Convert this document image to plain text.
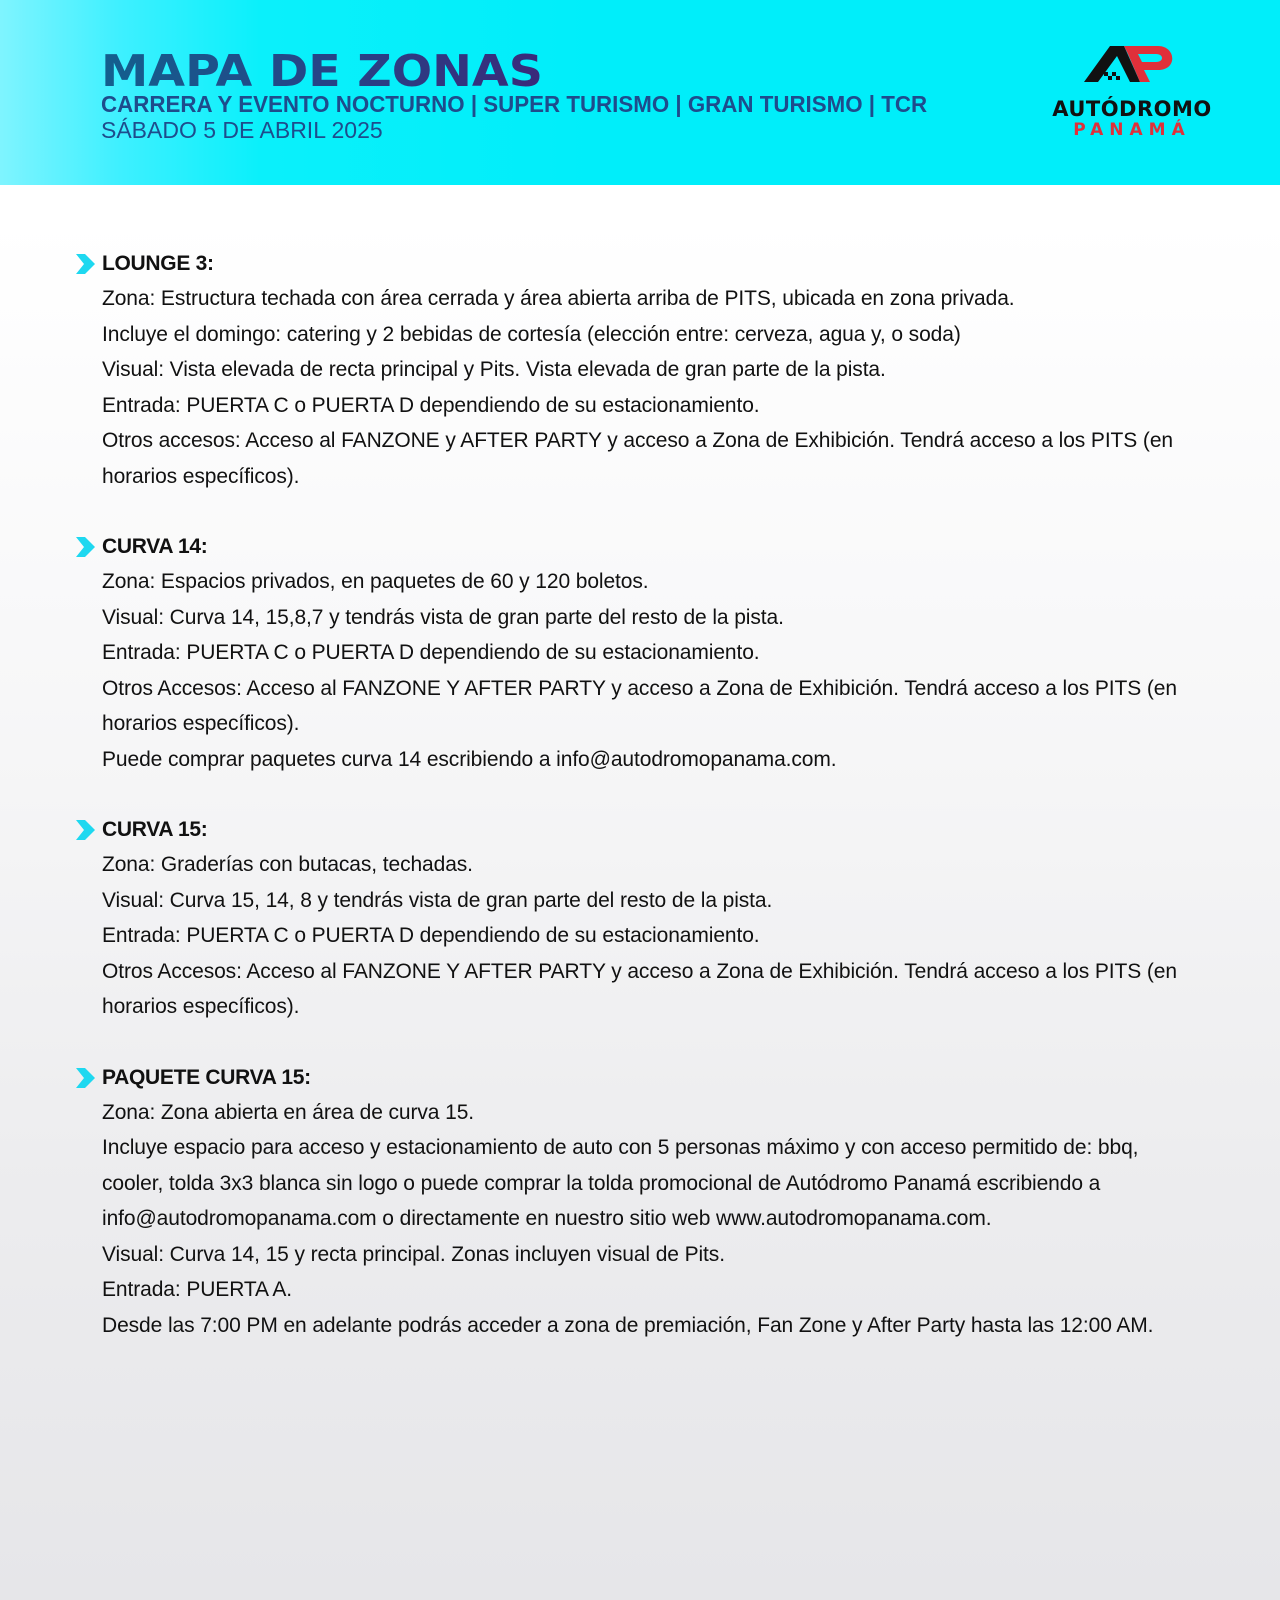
MAPA DE ZONAS
CARRERA Y EVENTO NOCTURNO | SUPER TURISMO | GRAN TURISMO | TCR
SÁBADO 5 DE ABRIL 2025
AUTÓDROMO
PANAMÁ
LOUNGE 3:
Zona: Estructura techada con área cerrada y área abierta arriba de PITS, ubicada en zona privada.
Incluye el domingo: catering y 2 bebidas de cortesía (elección entre: cerveza, agua y, o soda)
Visual: Vista elevada de recta principal y Pits. Vista elevada de gran parte de la pista.
Entrada: PUERTA C o PUERTA D dependiendo de su estacionamiento.
Otros accesos: Acceso al FANZONE y AFTER PARTY y acceso a Zona de Exhibición. Tendrá acceso a los PITS (en horarios específicos).
CURVA 14:
Zona: Espacios privados, en paquetes de 60 y 120 boletos.
Visual: Curva 14, 15,8,7 y tendrás vista de gran parte del resto de la pista.
Entrada: PUERTA C o PUERTA D dependiendo de su estacionamiento.
Otros Accesos: Acceso al FANZONE Y AFTER PARTY y acceso a Zona de Exhibición. Tendrá acceso a los PITS (en horarios específicos).
Puede comprar paquetes curva 14 escribiendo a info@autodromopanama.com.
CURVA 15:
Zona: Graderías con butacas, techadas.
Visual: Curva 15, 14, 8 y tendrás vista de gran parte del resto de la pista.
Entrada: PUERTA C o PUERTA D dependiendo de su estacionamiento.
Otros Accesos: Acceso al FANZONE Y AFTER PARTY y acceso a Zona de Exhibición. Tendrá acceso a los PITS (en horarios específicos).
PAQUETE CURVA 15:
Zona: Zona abierta en área de curva 15.
Incluye espacio para acceso y estacionamiento de auto con 5 personas máximo y con acceso permitido de: bbq, cooler, tolda 3x3 blanca sin logo o puede comprar la tolda promocional de Autódromo Panamá escribiendo a info@autodromopanama.com o directamente en nuestro sitio web www.autodromopanama.com.
Visual: Curva 14, 15 y recta principal. Zonas incluyen visual de Pits.
Entrada: PUERTA A.
Desde las 7:00 PM en adelante podrás acceder a zona de premiación, Fan Zone y After Party hasta las 12:00 AM.
